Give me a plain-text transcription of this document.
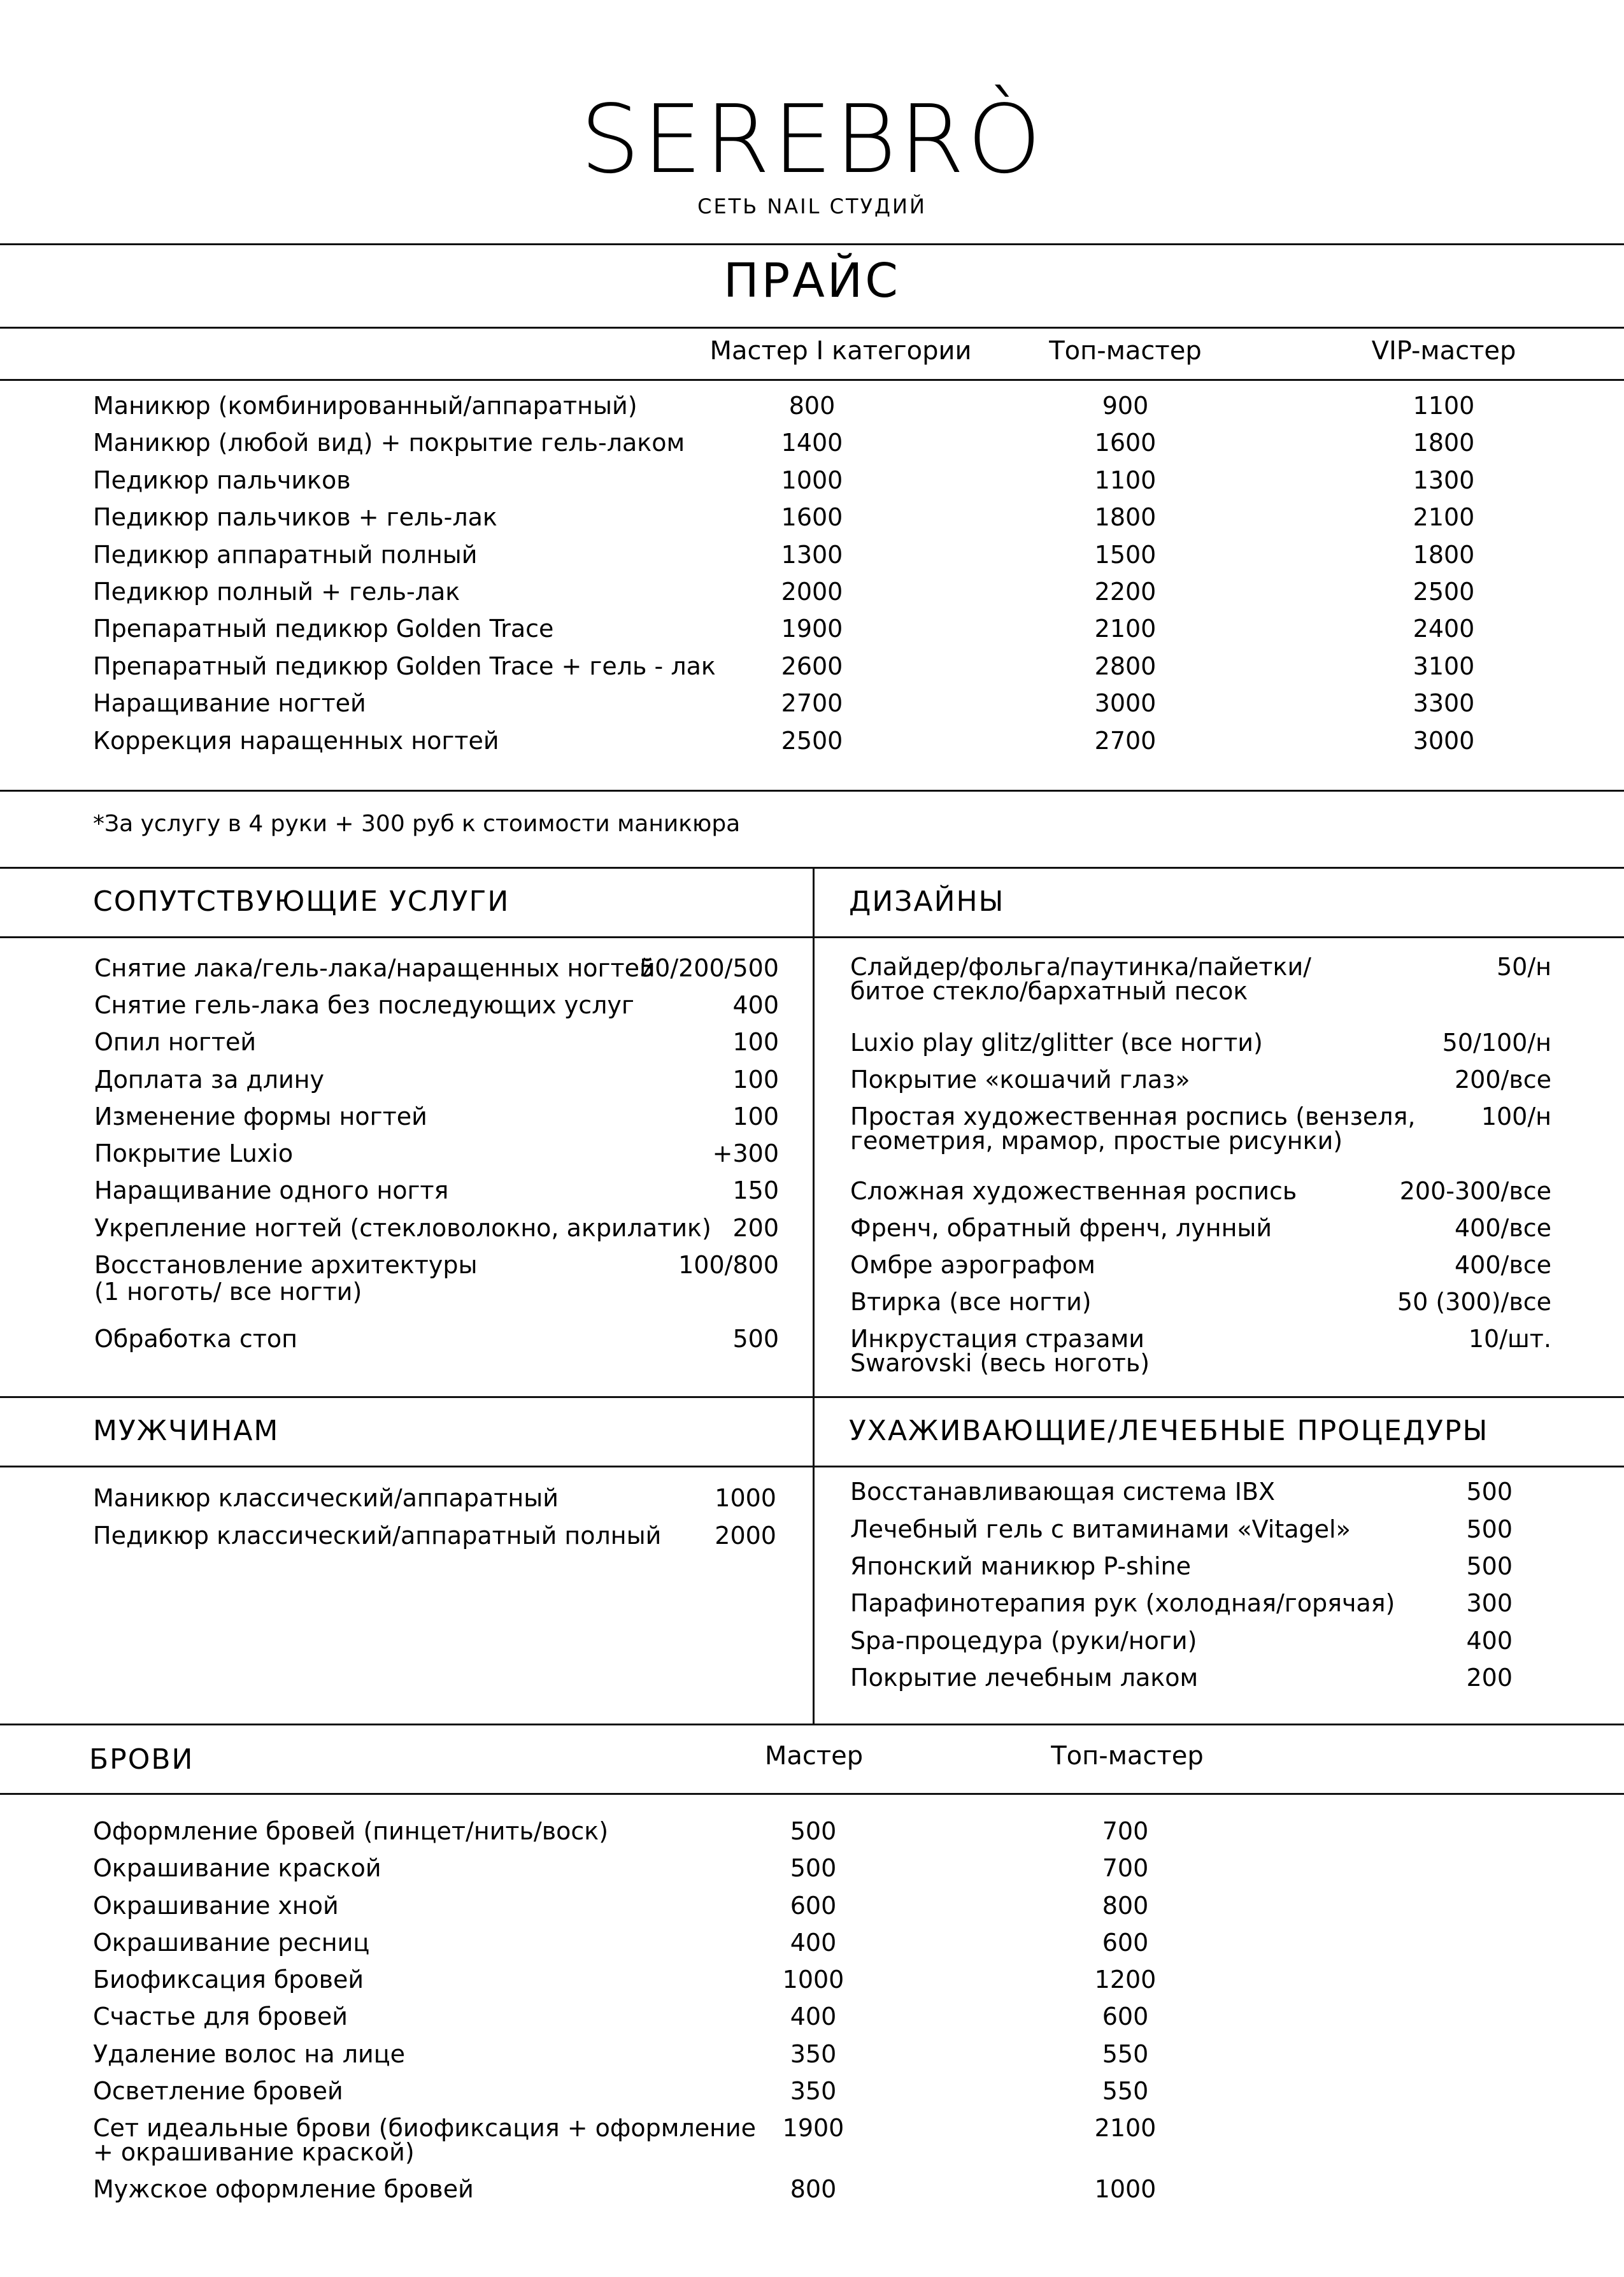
SEREBRÒ
СЕТЬ NAIL СТУДИЙ
ПРАЙС
Мастер I категории	Топ-мастер	VIP-мастер
Маникюр (комбинированный/аппаратный)	800	900	1100
Маникюр (любой вид) + покрытие гель-лаком	1400	1600	1800
Педикюр пальчиков	1000	1100	1300
Педикюр пальчиков + гель-лак	1600	1800	2100
Педикюр аппаратный полный	1300	1500	1800
Педикюр полный + гель-лак	2000	2200	2500
Препаратный педикюр Golden Trace	1900	2100	2400
Препаратный педикюр Golden Trace + гель - лак	2600	2800	3100
Наращивание ногтей	2700	3000	3300
Коррекция наращенных ногтей	2500	2700	3000
*За услугу в 4 руки + 300 руб к стоимости маникюра
СОПУТСТВУЮЩИЕ УСЛУГИ	ДИЗАЙНЫ
Снятие лака/гель-лака/наращенных ногтей
50/200/500
Снятие гель-лака без последующих услуг	400
Опил ногтей	100
Доплата за длину	100
Изменение формы ногтей	100
Покрытие Luxio	+300
Наращивание одного ногтя	150
Укрепление ногтей (стекловолокно, акрилатик) 200
Восстановление архитектуры
(1 ноготь/ все ногти)
100/800
Обработка стоп	500
Слайдер/фольга/паутинка/пайетки/
битое стекло/бархатный песок
50/н
Luxio play glitz/glitter (все ногти)	50/100/н
Покрытие «кошачий глаз»	200/все
Простая художественная роспись (вензеля,
геометрия, мрамор, простые рисунки)
100/н
Сложная художественная роспись	200-300/все
Френч, обратный френч, лунный	400/все
Омбре аэрографом	400/все
Втирка (все ногти)	50 (300)/все
Инкрустация стразами
Swarovski (весь ноготь)
10/шт.
МУЖЧИНАМ	УХАЖИВАЮЩИЕ/ЛЕЧЕБНЫЕ ПРОЦЕДУРЫ
Маникюр классический/аппаратный	1000
Педикюр классический/аппаратный полный	2000
Восстанавливающая система IBX	500
Лечебный гель с витаминами «Vitagel»	500
Японский маникюр P-shine	500
Парафинотерапия рук (холодная/горячая)	300
Spa-процедура (руки/ноги)	400
Покрытие лечебным лаком	200
БРОВИ	Мастер	Топ-мастер
Оформление бровей (пинцет/нить/воск)	500	700
Окрашивание краской	500	700
Окрашивание хной	600	800
Окрашивание ресниц	400	600
Биофиксация бровей	1000	1200
Счастье для бровей	400	600
Удаление волос на лице	350	550
Осветление бровей	350	550
Сет идеальные брови (биофиксация + оформление
+ окрашивание краской)
1900	2100
Мужское оформление бровей	800	1000
